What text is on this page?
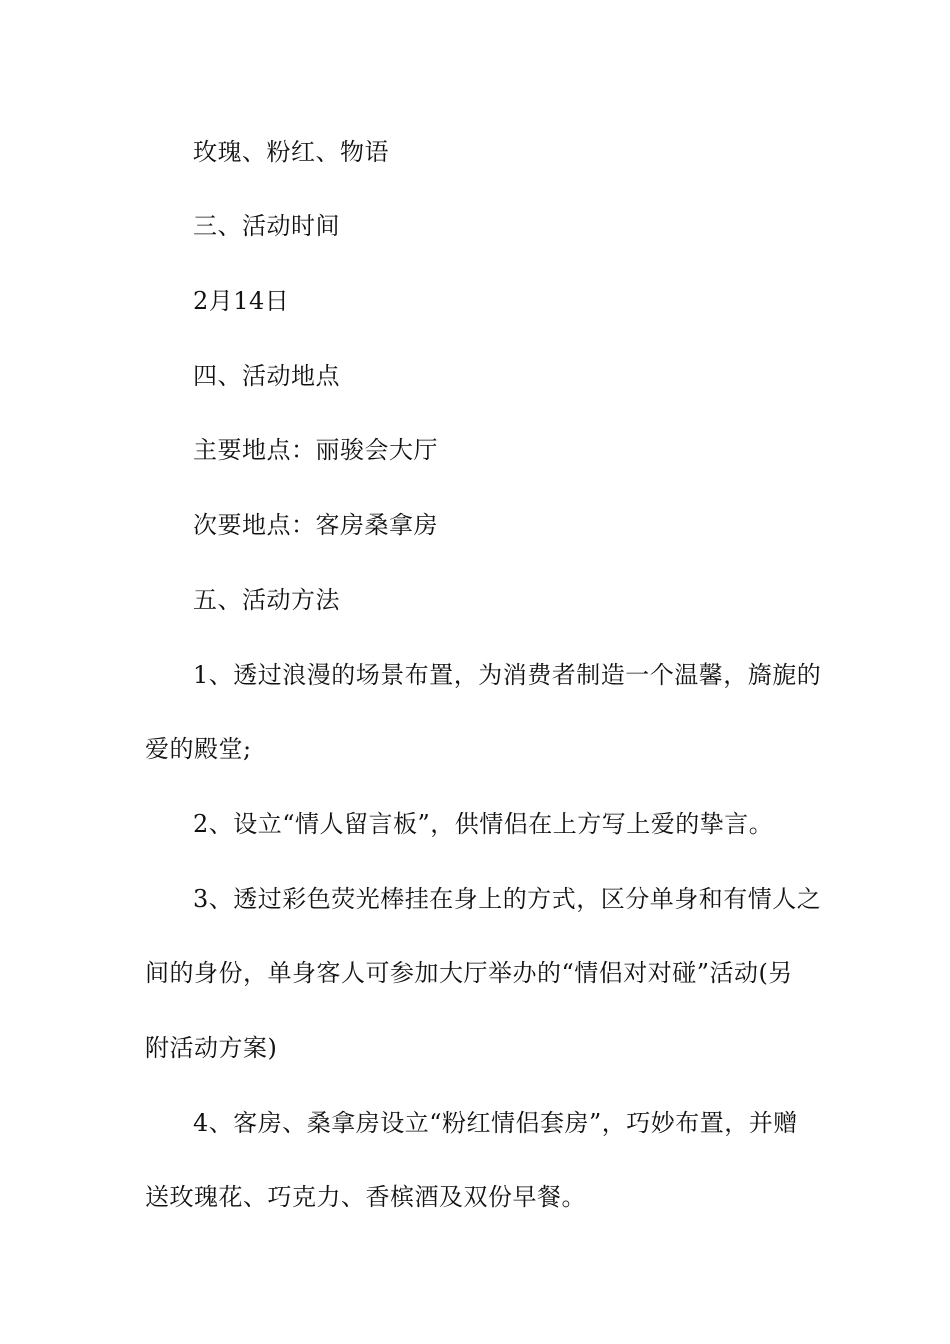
玫瑰、粉红、物语
三、活动时间
2月14日
四、活动地点
主要地点：丽骏会大厅
次要地点：客房桑拿房
五、活动方法
1、透过浪漫的场景布置，为消费者制造一个温馨，旖旎的
爱的殿堂;
2、设立“情人留言板”，供情侣在上方写上爱的挚言。
3、透过彩色荧光棒挂在身上的方式，区分单身和有情人之
间的身份，单身客人可参加大厅举办的“情侣对对碰”活动(另
附活动方案)
4、客房、桑拿房设立“粉红情侣套房”，巧妙布置，并赠
送玫瑰花、巧克力、香槟酒及双份早餐。
